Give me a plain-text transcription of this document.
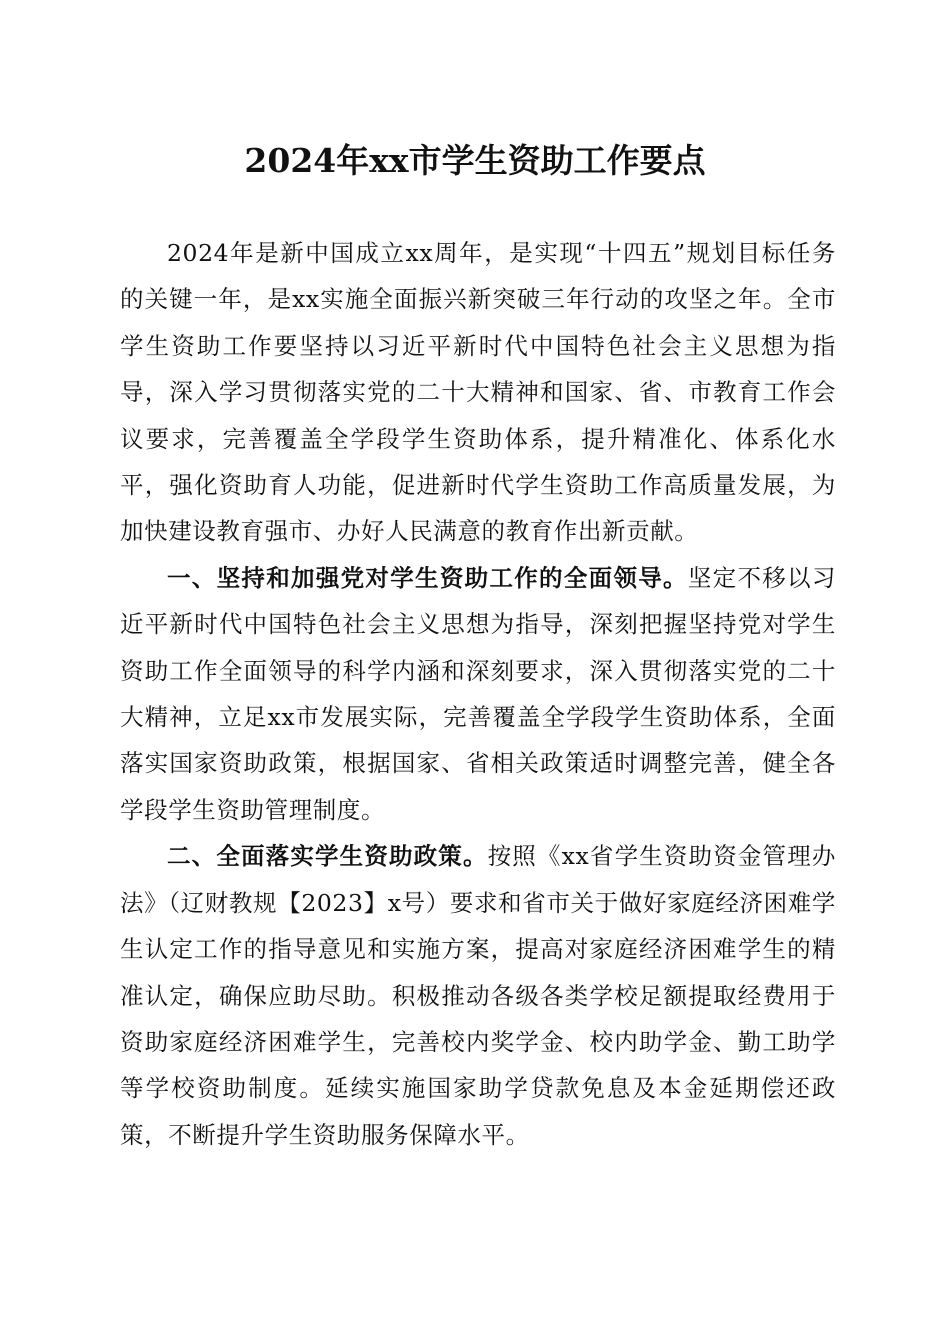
2024年xx市学生资助工作要点

2024年是新中国成立xx周年，是实现“十四五”规划目标任务的关键一年，是xx实施全面振兴新突破三年行动的攻坚之年。全市学生资助工作要坚持以习近平新时代中国特色社会主义思想为指导，深入学习贯彻落实党的二十大精神和国家、省、市教育工作会议要求，完善覆盖全学段学生资助体系，提升精准化、体系化水平，强化资助育人功能，促进新时代学生资助工作高质量发展，为加快建设教育强市、办好人民满意的教育作出新贡献。

一、坚持和加强党对学生资助工作的全面领导。坚定不移以习近平新时代中国特色社会主义思想为指导，深刻把握坚持党对学生资助工作全面领导的科学内涵和深刻要求，深入贯彻落实党的二十大精神，立足xx市发展实际，完善覆盖全学段学生资助体系，全面落实国家资助政策，根据国家、省相关政策适时调整完善，健全各学段学生资助管理制度。

二、全面落实学生资助政策。按照《xx省学生资助资金管理办法》（辽财教规【2023】x号）要求和省市关于做好家庭经济困难学生认定工作的指导意见和实施方案，提高对家庭经济困难学生的精准认定，确保应助尽助。积极推动各级各类学校足额提取经费用于资助家庭经济困难学生，完善校内奖学金、校内助学金、勤工助学等学校资助制度。延续实施国家助学贷款免息及本金延期偿还政策，不断提升学生资助服务保障水平。
